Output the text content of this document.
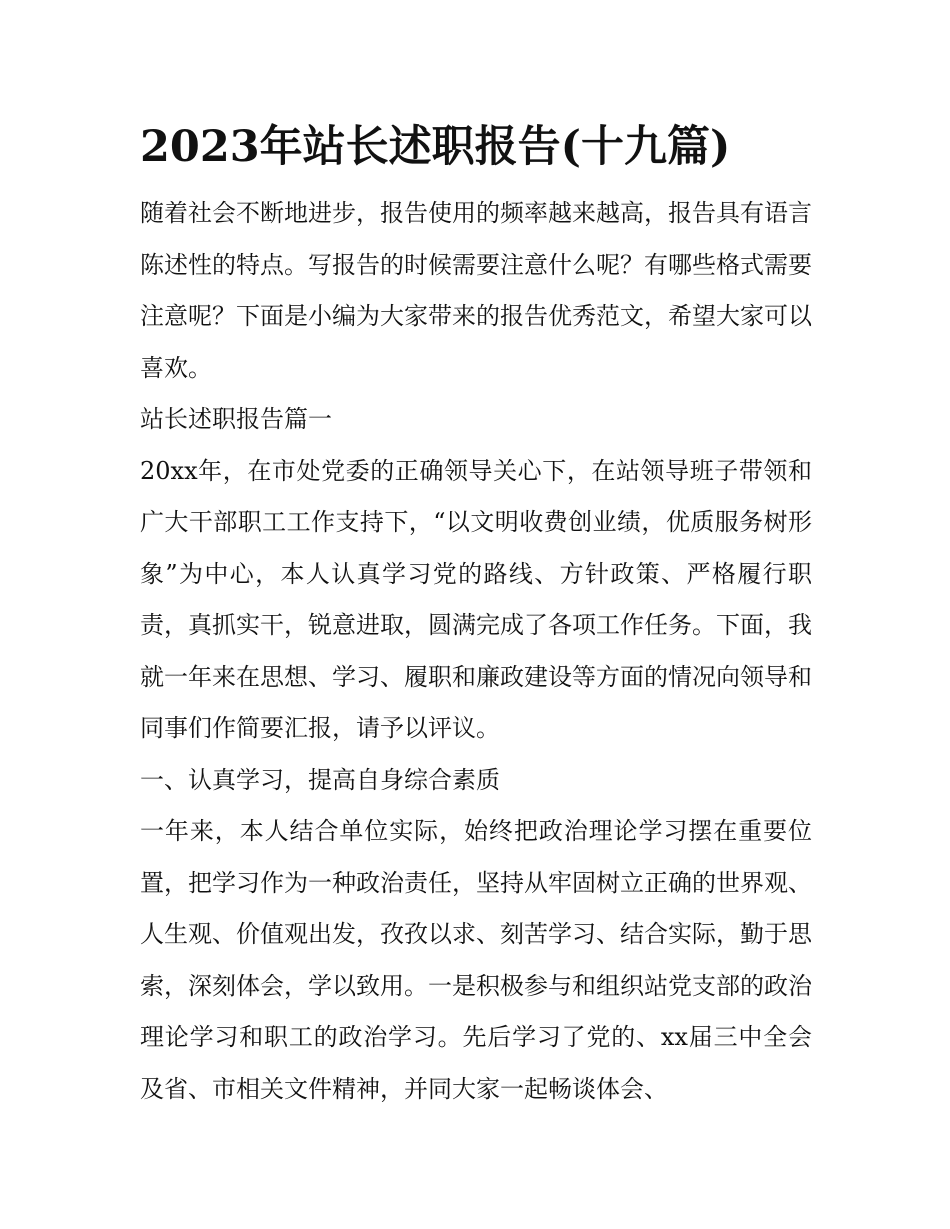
2023年站长述职报告(十九篇)

随着社会不断地进步，报告使用的频率越来越高，报告具有语言陈述性的特点。写报告的时候需要注意什么呢？有哪些格式需要注意呢？下面是小编为大家带来的报告优秀范文，希望大家可以喜欢。

站长述职报告篇一

20xx年，在市处党委的正确领导关心下，在站领导班子带领和广大干部职工工作支持下，“以文明收费创业绩，优质服务树形象”为中心，本人认真学习党的路线、方针政策、严格履行职责，真抓实干，锐意进取，圆满完成了各项工作任务。下面，我就一年来在思想、学习、履职和廉政建设等方面的情况向领导和同事们作简要汇报，请予以评议。

一、认真学习，提高自身综合素质

一年来，本人结合单位实际，始终把政治理论学习摆在重要位置，把学习作为一种政治责任，坚持从牢固树立正确的世界观、人生观、价值观出发，孜孜以求、刻苦学习、结合实际，勤于思索，深刻体会，学以致用。一是积极参与和组织站党支部的政治理论学习和职工的政治学习。先后学习了党的、xx届三中全会及省、市相关文件精神，并同大家一起畅谈体会、
